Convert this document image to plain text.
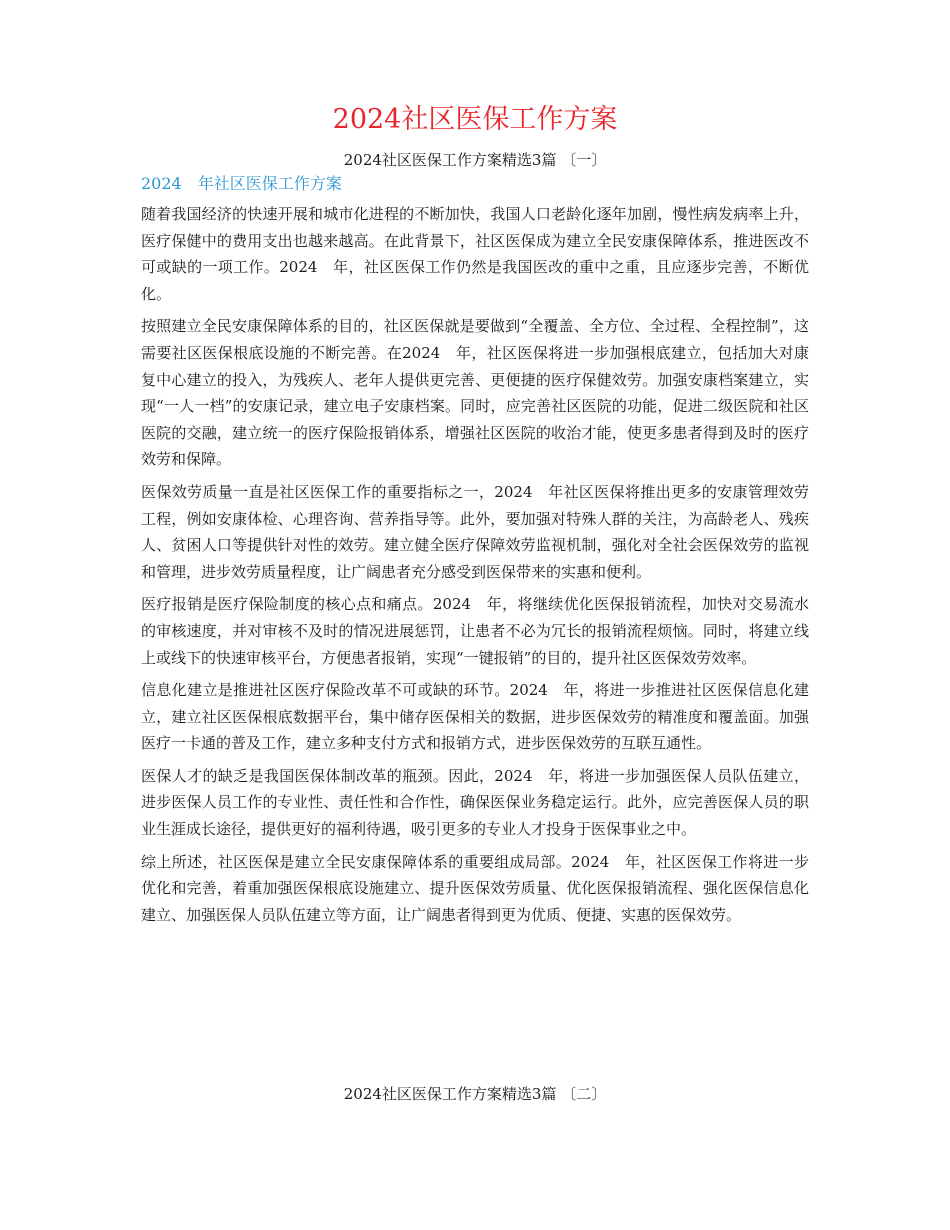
2024社区医保工作方案
2024社区医保工作方案精选3篇 〔一〕
2024　年社区医保工作方案

随着我国经济的快速开展和城市化进程的不断加快，我国人口老龄化逐年加剧，慢性病发病率上升，医疗保健中的费用支出也越来越高。在此背景下，社区医保成为建立全民安康保障体系，推进医改不可或缺的一项工作。2024　年，社区医保工作仍然是我国医改的重中之重，且应逐步完善，不断优化。

按照建立全民安康保障体系的目的，社区医保就是要做到“全覆盖、全方位、全过程、全程控制”，这需要社区医保根底设施的不断完善。在2024　年，社区医保将进一步加强根底建立，包括加大对康复中心建立的投入，为残疾人、老年人提供更完善、更便捷的医疗保健效劳。加强安康档案建立，实现“一人一档”的安康记录，建立电子安康档案。同时，应完善社区医院的功能，促进二级医院和社区医院的交融，建立统一的医疗保险报销体系，增强社区医院的收治才能，使更多患者得到及时的医疗效劳和保障。

医保效劳质量一直是社区医保工作的重要指标之一，2024　年社区医保将推出更多的安康管理效劳工程，例如安康体检、心理咨询、营养指导等。此外，要加强对特殊人群的关注，为高龄老人、残疾人、贫困人口等提供针对性的效劳。建立健全医疗保障效劳监视机制，强化对全社会医保效劳的监视和管理，进步效劳质量程度，让广阔患者充分感受到医保带来的实惠和便利。

医疗报销是医疗保险制度的核心点和痛点。2024　年，将继续优化医保报销流程，加快对交易流水的审核速度，并对审核不及时的情况进展惩罚，让患者不必为冗长的报销流程烦恼。同时，将建立线上或线下的快速审核平台，方便患者报销，实现“一键报销”的目的，提升社区医保效劳效率。

信息化建立是推进社区医疗保险改革不可或缺的环节。2024　年，将进一步推进社区医保信息化建立，建立社区医保根底数据平台，集中储存医保相关的数据，进步医保效劳的精准度和覆盖面。加强医疗一卡通的普及工作，建立多种支付方式和报销方式，进步医保效劳的互联互通性。

医保人才的缺乏是我国医保体制改革的瓶颈。因此，2024　年，将进一步加强医保人员队伍建立，进步医保人员工作的专业性、责任性和合作性，确保医保业务稳定运行。此外，应完善医保人员的职业生涯成长途径，提供更好的福利待遇，吸引更多的专业人才投身于医保事业之中。

综上所述，社区医保是建立全民安康保障体系的重要组成局部。2024　年，社区医保工作将进一步优化和完善，着重加强医保根底设施建立、提升医保效劳质量、优化医保报销流程、强化医保信息化建立、加强医保人员队伍建立等方面，让广阔患者得到更为优质、便捷、实惠的医保效劳。

2024社区医保工作方案精选3篇 〔二〕
